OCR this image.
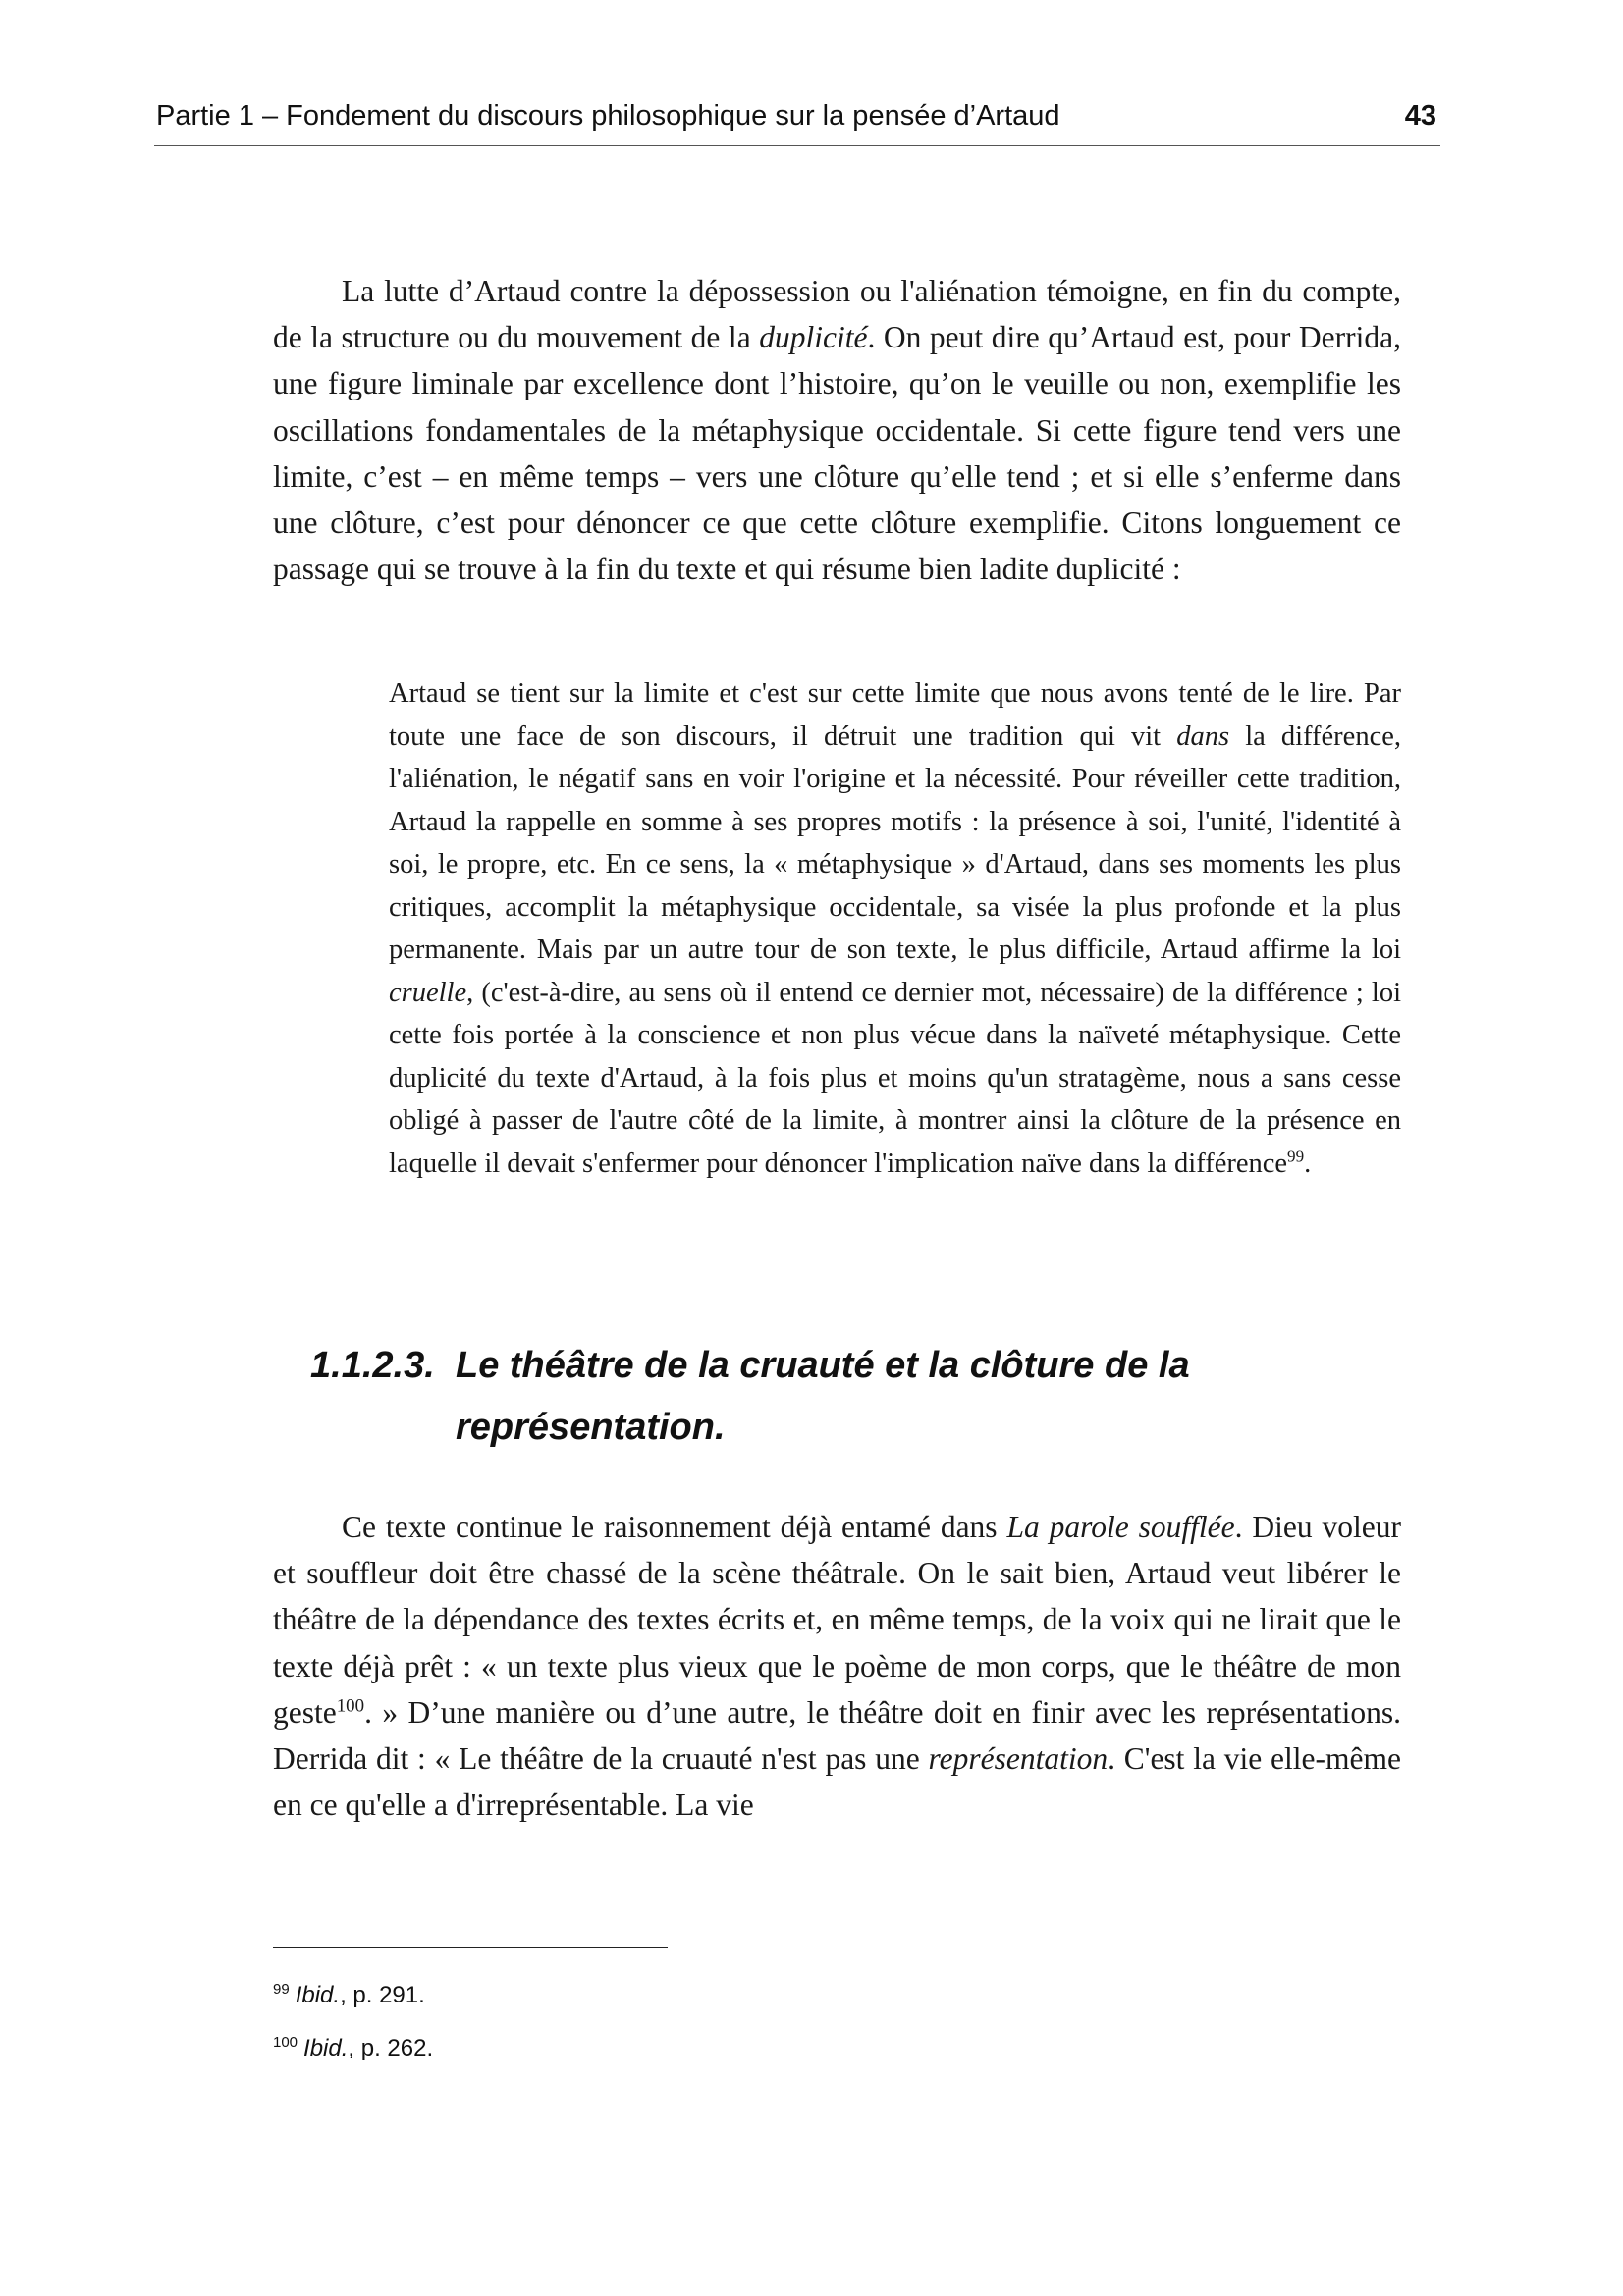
Partie 1 – Fondement du discours philosophique sur la pensée d’Artaud	43

La lutte d’Artaud contre la dépossession ou l'aliénation témoigne, en fin du compte, de la structure ou du mouvement de la duplicité. On peut dire qu’Artaud est, pour Derrida, une figure liminale par excellence dont l’histoire, qu’on le veuille ou non, exemplifie les oscillations fondamentales de la métaphysique occidentale. Si cette figure tend vers une limite, c’est – en même temps – vers une clôture qu’elle tend ; et si elle s’enferme dans une clôture, c’est pour dénoncer ce que cette clôture exemplifie. Citons longuement ce passage qui se trouve à la fin du texte et qui résume bien ladite duplicité :

Artaud se tient sur la limite et c'est sur cette limite que nous avons tenté de le lire. Par toute une face de son discours, il détruit une tradition qui vit dans la différence, l'aliénation, le négatif sans en voir l'origine et la nécessité. Pour réveiller cette tradition, Artaud la rappelle en somme à ses propres motifs : la présence à soi, l'unité, l'identité à soi, le propre, etc. En ce sens, la « métaphysique » d'Artaud, dans ses moments les plus critiques, accomplit la métaphysique occidentale, sa visée la plus profonde et la plus permanente. Mais par un autre tour de son texte, le plus difficile, Artaud affirme la loi cruelle, (c'est-à-dire, au sens où il entend ce dernier mot, nécessaire) de la différence ; loi cette fois portée à la conscience et non plus vécue dans la naïveté métaphysique. Cette duplicité du texte d'Artaud, à la fois plus et moins qu'un stratagème, nous a sans cesse obligé à passer de l'autre côté de la limite, à montrer ainsi la clôture de la présence en laquelle il devait s'enfermer pour dénoncer l'implication naïve dans la différence$^{99}$.
1.1.2.3. Le théâtre de la cruauté et la clôture de la
représentation.

Ce texte continue le raisonnement déjà entamé dans La parole soufflée. Dieu voleur et souffleur doit être chassé de la scène théâtrale. On le sait bien, Artaud veut libérer le théâtre de la dépendance des textes écrits et, en même temps, de la voix qui ne lirait que le texte déjà prêt : « un texte plus vieux que le poème de mon corps, que le théâtre de mon geste$^{100}$. » D’une manière ou d’une autre, le théâtre doit en finir avec les représentations. Derrida dit : « Le théâtre de la cruauté n'est pas une représentation. C'est la vie elle-même en ce qu'elle a d'irreprésentable. La vie

$^{99}$ Ibid., p. 291.
$^{100}$ Ibid., p. 262.
